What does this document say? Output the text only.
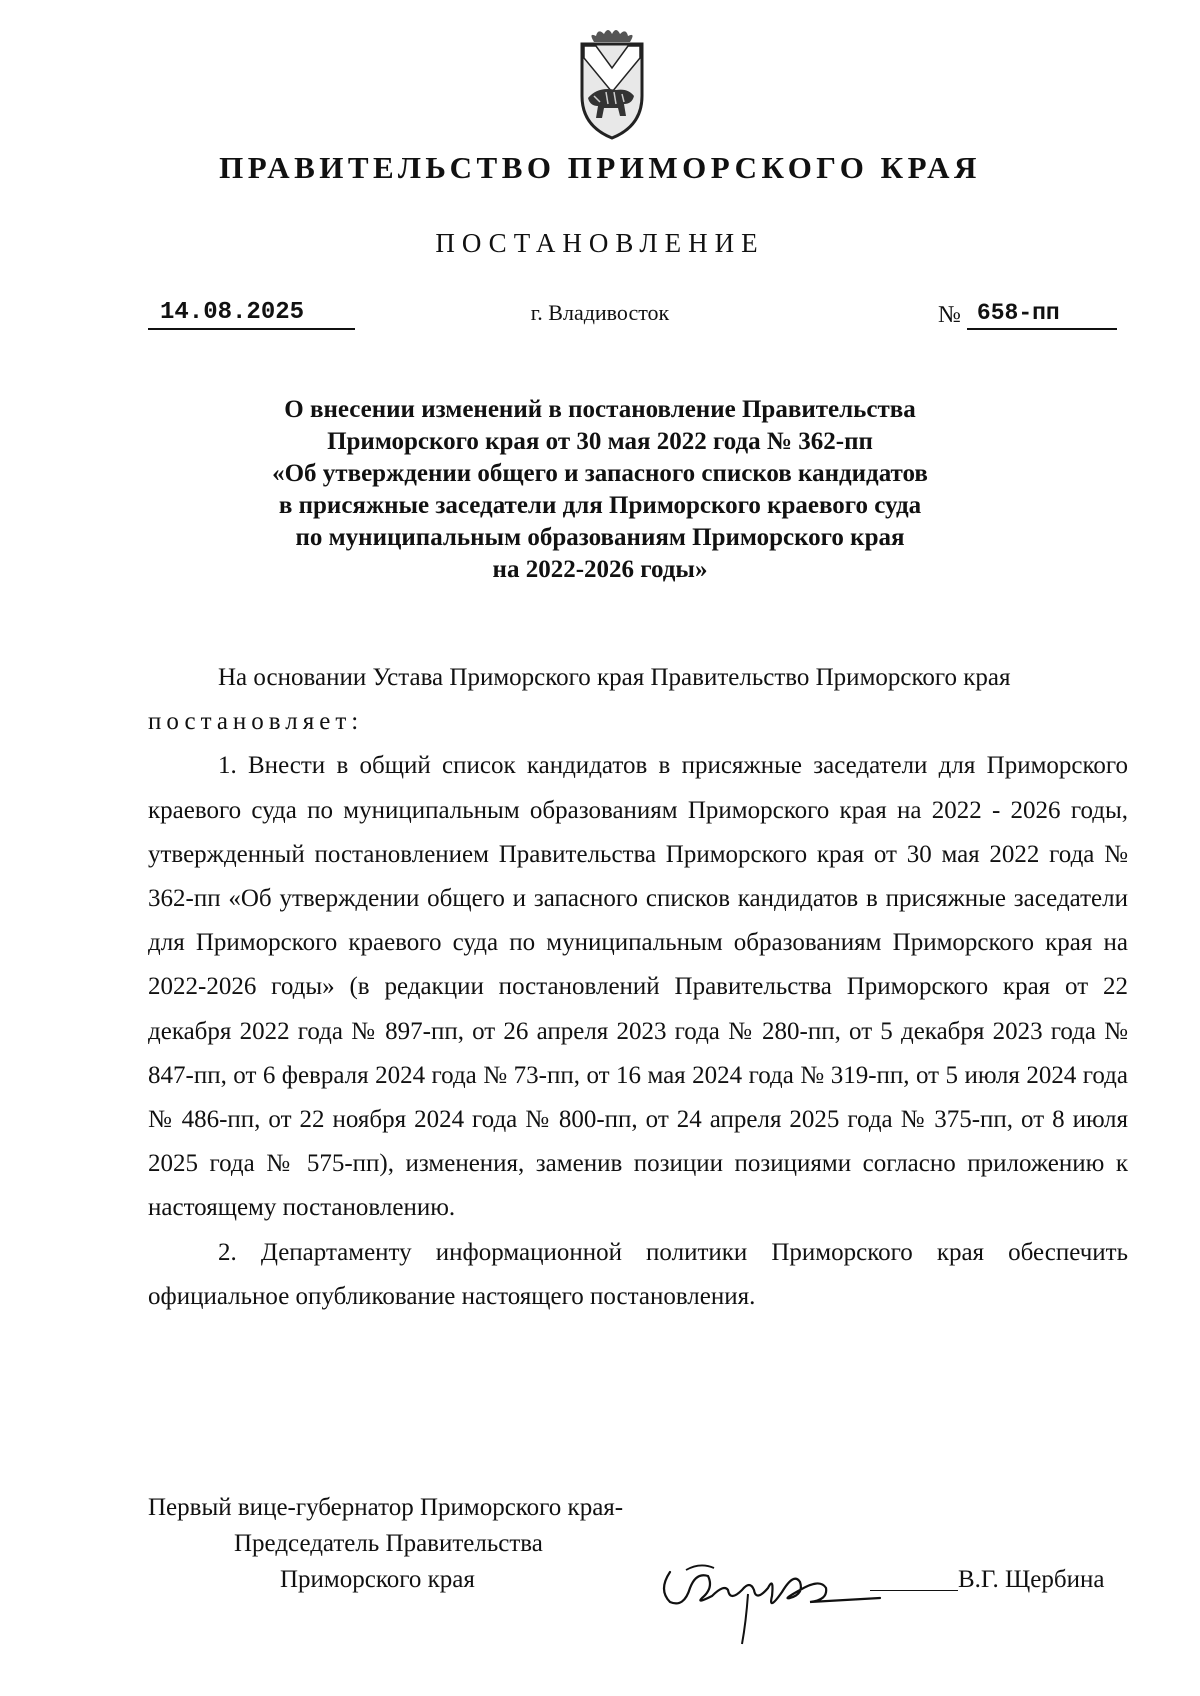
ПРАВИТЕЛЬСТВО ПРИМОРСКОГО КРАЯ
ПОСТАНОВЛЕНИЕ
14.08.2025	г. Владивосток	№ 658-пп
О внесении изменений в постановление Правительства
Приморского края от 30 мая 2022 года № 362-пп
«Об утверждении общего и запасного списков кандидатов
в присяжные заседатели для Приморского краевого суда
по муниципальным образованиям Приморского края
на 2022-2026 годы»

На основании Устава Приморского края Правительство Приморского края

постановляет:

1. Внести в общий список кандидатов в присяжные заседатели для Приморского краевого суда по муниципальным образованиям Приморского края на 2022 - 2026 годы, утвержденный постановлением Правительства Приморского края от 30 мая 2022 года № 362-пп «Об утверждении общего и запасного списков кандидатов в присяжные заседатели для Приморского краевого суда по муниципальным образованиям Приморского края на 2022-2026 годы» (в редакции постановлений Правительства Приморского края от 22 декабря 2022 года № 897-пп, от 26 апреля 2023 года № 280-пп, от 5 декабря 2023 года № 847-пп, от 6 февраля 2024 года № 73-пп, от 16 мая 2024 года № 319-пп, от 5 июля 2024 года № 486-пп, от 22 ноября 2024 года № 800-пп, от 24 апреля 2025 года № 375-пп, от 8 июля 2025 года № 575-пп), изменения, заменив позиции позициями согласно приложению к настоящему постановлению.

2. Департаменту информационной политики Приморского края обеспечить официальное опубликование настоящего постановления.

Первый вице-губернатор Приморского края-
Председатель Правительства
Приморского края	В.Г. Щербина
